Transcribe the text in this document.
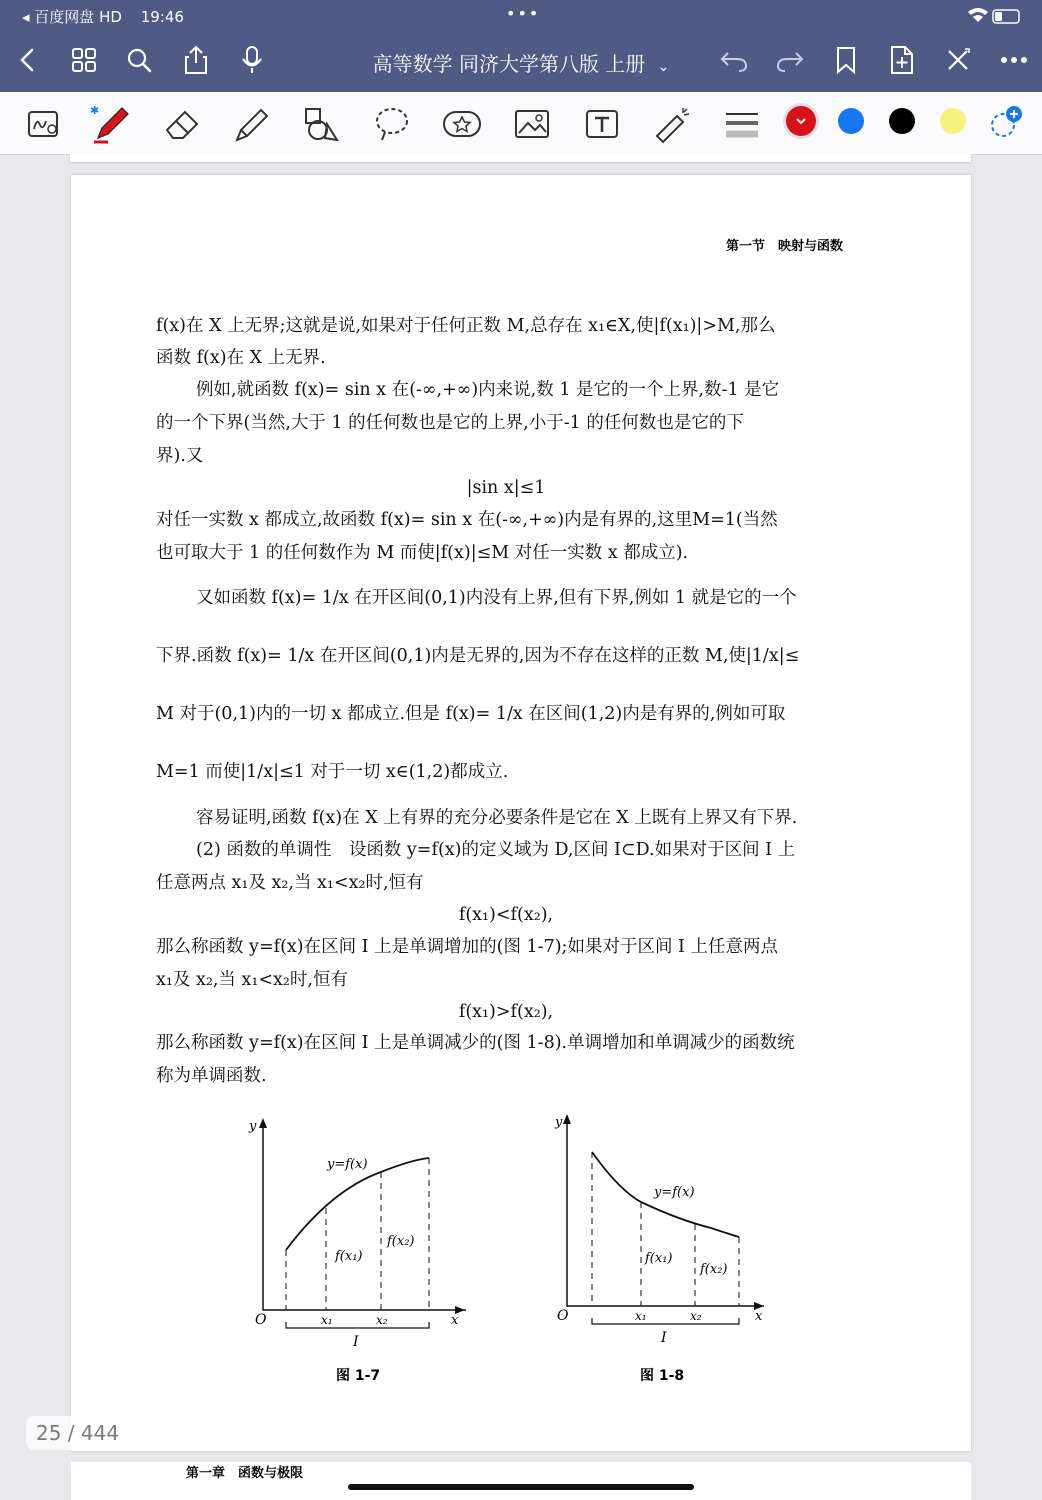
◂ 百度网盘 HD 19:46	•••
高等数学 同济大学第八版 上册 ⌄
✱
第一节　映射与函数
f(x)在 X 上无界;这就是说,如果对于任何正数 M,总存在 x₁∈X,使|f(x₁)|>M,那么
函数 f(x)在 X 上无界.
例如,就函数 f(x)= sin x 在(-∞,+∞)内来说,数 1 是它的一个上界,数-1 是它
的一个下界(当然,大于 1 的任何数也是它的上界,小于-1 的任何数也是它的下
界).又
|sin x|≤1
对任一实数 x 都成立,故函数 f(x)= sin x 在(-∞,+∞)内是有界的,这里M=1(当然
也可取大于 1 的任何数作为 M 而使|f(x)|≤M 对任一实数 x 都成立).
又如函数 f(x)= 1/x 在开区间(0,1)内没有上界,但有下界,例如 1 就是它的一个
下界.函数 f(x)= 1/x 在开区间(0,1)内是无界的,因为不存在这样的正数 M,使|1/x|≤
M 对于(0,1)内的一切 x 都成立.但是 f(x)= 1/x 在区间(1,2)内是有界的,例如可取
M=1 而使|1/x|≤1 对于一切 x∈(1,2)都成立.
容易证明,函数 f(x)在 X 上有界的充分必要条件是它在 X 上既有上界又有下界.
(2) 函数的单调性　设函数 y=f(x)的定义域为 D,区间 I⊂D.如果对于区间 I 上
任意两点 x₁及 x₂,当 x₁<x₂时,恒有
f(x₁)<f(x₂),
那么称函数 y=f(x)在区间 I 上是单调增加的(图 1-7);如果对于区间 I 上任意两点
x₁及 x₂,当 x₁<x₂时,恒有
f(x₁)>f(x₂),
那么称函数 y=f(x)在区间 I 上是单调减少的(图 1-8).单调增加和单调减少的函数统
称为单调函数.
y
O	x
y=f(x)
f(x₁)
f(x₂)
x₁	x₂
I
图 1-7
y
O	x
y=f(x)
f(x₁)
f(x₂)
x₁	x₂
I
图 1-8
第一章　函数与极限
25 / 444
